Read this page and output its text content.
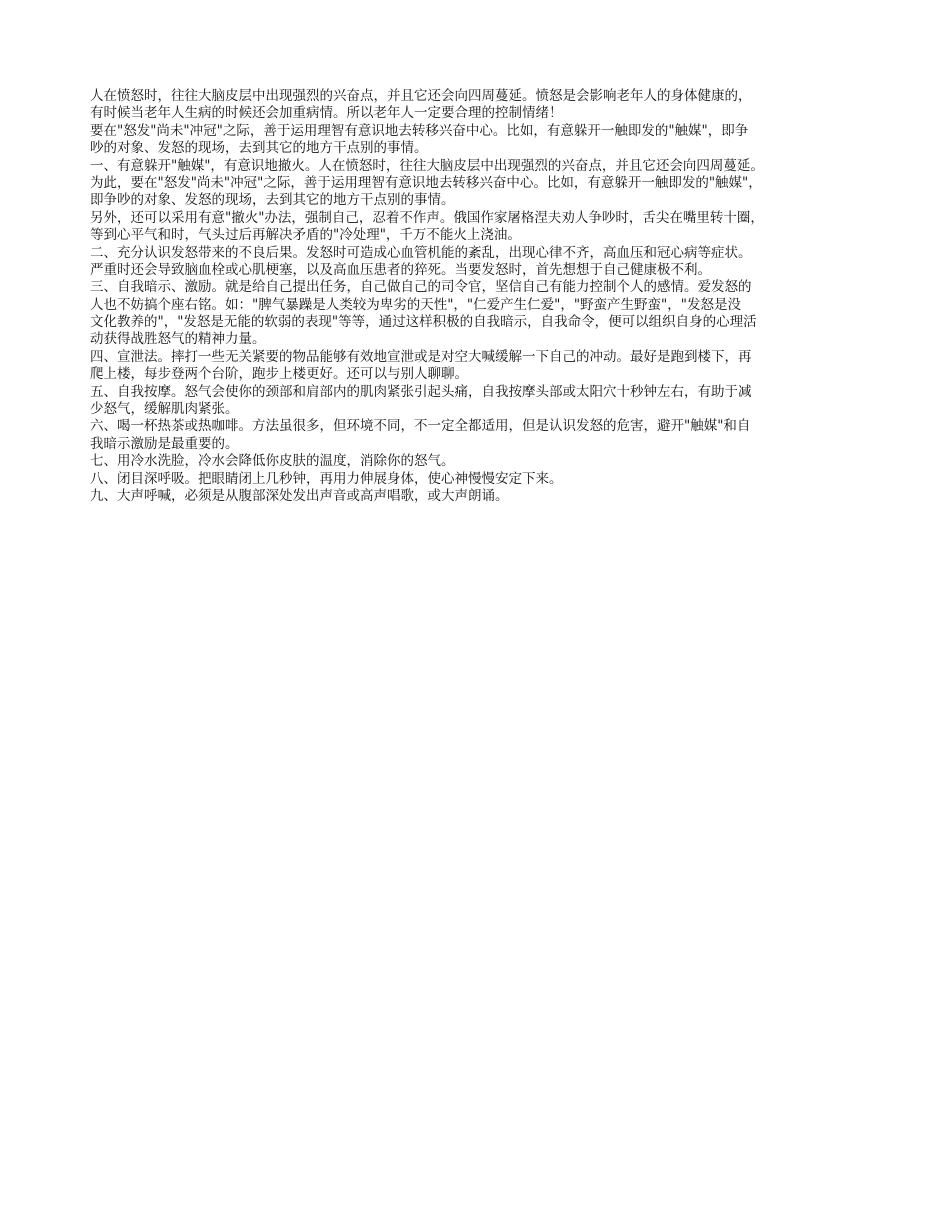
人在愤怒时，往往大脑皮层中出现强烈的兴奋点，并且它还会向四周蔓延。愤怒是会影响老年人的身体健康的，
有时候当老年人生病的时候还会加重病情。所以老年人一定要合理的控制情绪！
要在"怒发"尚未"冲冠"之际，善于运用理智有意识地去转移兴奋中心。比如，有意躲开一触即发的"触媒"，即争
吵的对象、发怒的现场，去到其它的地方干点别的事情。
一、有意躲开"触媒"，有意识地撤火。人在愤怒时，往往大脑皮层中出现强烈的兴奋点，并且它还会向四周蔓延。
为此，要在"怒发"尚未"冲冠"之际，善于运用理智有意识地去转移兴奋中心。比如，有意躲开一触即发的"触媒"，
即争吵的对象、发怒的现场，去到其它的地方干点别的事情。
另外，还可以采用有意"撤火"办法，强制自己，忍着不作声。俄国作家屠格涅夫劝人争吵时，舌尖在嘴里转十圈，
等到心平气和时，气头过后再解决矛盾的"冷处理"，千万不能火上浇油。
二、充分认识发怒带来的不良后果。发怒时可造成心血管机能的紊乱，出现心律不齐，高血压和冠心病等症状。
严重时还会导致脑血栓或心肌梗塞，以及高血压患者的猝死。当要发怒时，首先想想于自己健康极不利。
三、自我暗示、激励。就是给自己提出任务，自己做自己的司令官，坚信自己有能力控制个人的感情。爱发怒的
人也不妨搞个座右铭。如："脾气暴躁是人类较为卑劣的天性"，"仁爱产生仁爱"，"野蛮产生野蛮"，"发怒是没
文化教养的"，"发怒是无能的软弱的表现"等等，通过这样积极的自我暗示，自我命令，便可以组织自身的心理活
动获得战胜怒气的精神力量。
四、宣泄法。摔打一些无关紧要的物品能够有效地宣泄或是对空大喊缓解一下自己的冲动。最好是跑到楼下，再
爬上楼，每步登两个台阶，跑步上楼更好。还可以与别人聊聊。
五、自我按摩。怒气会使你的颈部和肩部内的肌肉紧张引起头痛，自我按摩头部或太阳穴十秒钟左右，有助于减
少怒气，缓解肌肉紧张。
六、喝一杯热茶或热咖啡。方法虽很多，但环境不同，不一定全都适用，但是认识发怒的危害，避开"触媒"和自
我暗示激励是最重要的。
七、用冷水洗脸，冷水会降低你皮肤的温度，消除你的怒气。
八、闭目深呼吸。把眼睛闭上几秒钟，再用力伸展身体，使心神慢慢安定下来。
九、大声呼喊，必须是从腹部深处发出声音或高声唱歌，或大声朗诵。
